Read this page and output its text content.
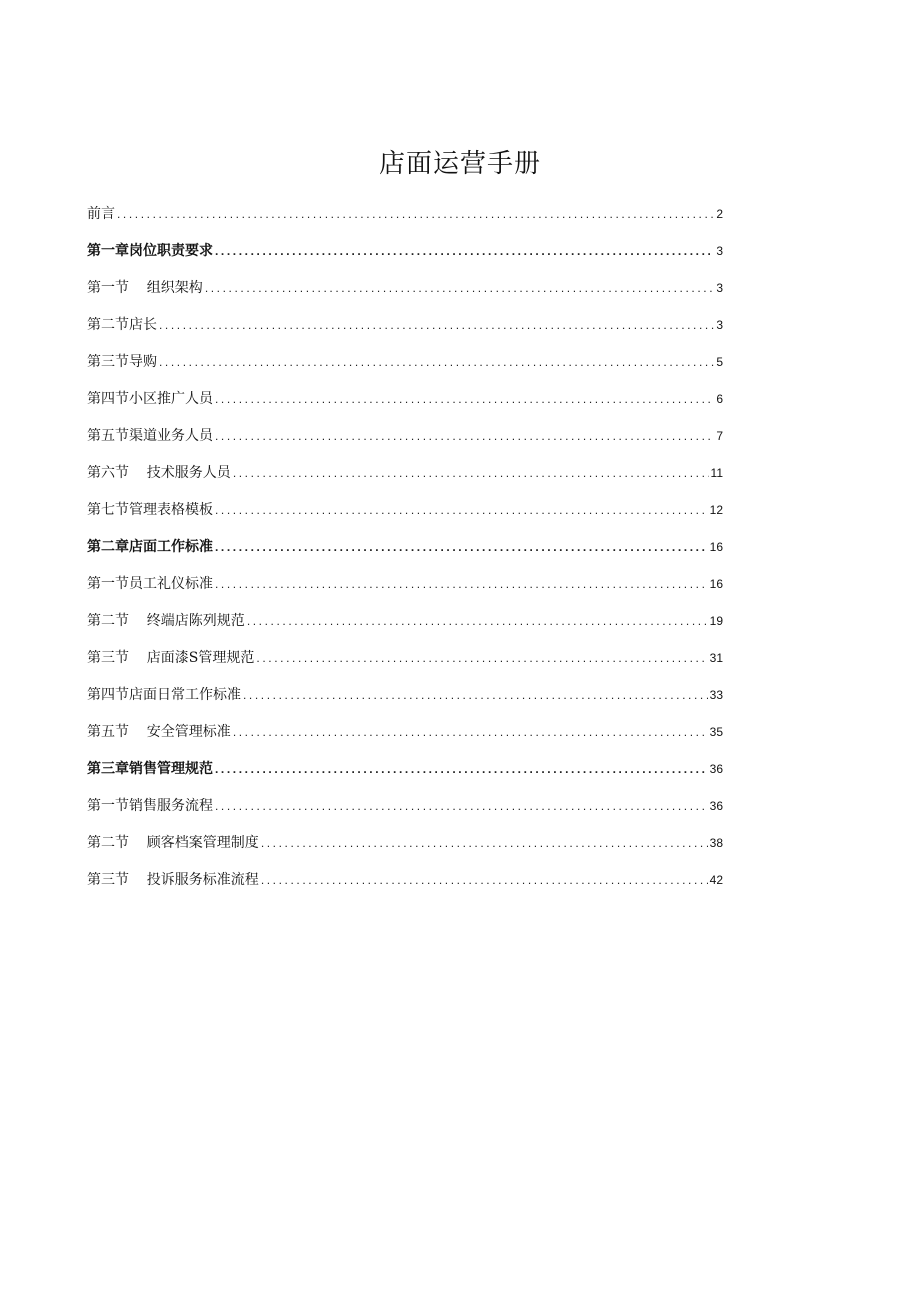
店面运营手册
前言 .....	2
第一章岗位职责要求 .....	3
第一节    组织架构 .....	3
第二节店长 .....	3
第三节导购 .....	5
第四节小区推广人员 .....	6
第五节渠道业务人员 .....	7
第六节    技术服务人员 .....	11
第七节管理表格模板 .....	12
第二章店面工作标准 .....	16
第一节员工礼仪标准 .....	16
第二节    终端店陈列规范 .....	19
第三节    店面漆S管理规范 .....	31
第四节店面日常工作标准 .....	33
第五节    安全管理标准 .....	35
第三章销售管理规范 .....	36
第一节销售服务流程 .....	36
第二节    顾客档案管理制度 .....	38
第三节    投诉服务标准流程 .....	42
